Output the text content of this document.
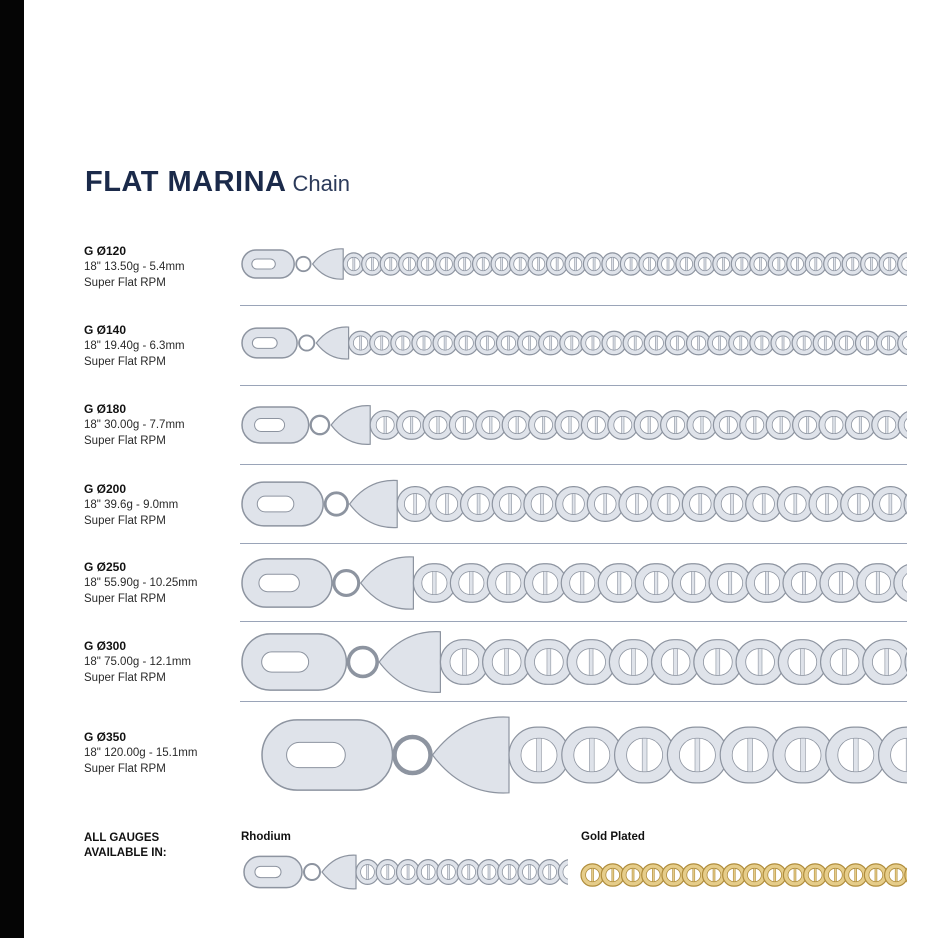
FLAT MARINA Chain
G Ø120
18" 13.50g - 5.4mm
Super Flat RPM
G Ø140
18" 19.40g - 6.3mm
Super Flat RPM
G Ø180
18" 30.00g - 7.7mm
Super Flat RPM
G Ø200
18" 39.6g - 9.0mm
Super Flat RPM
G Ø250
18" 55.90g - 10.25mm
Super Flat RPM
G Ø300
18" 75.00g - 12.1mm
Super Flat RPM
G Ø350
18" 120.00g - 15.1mm
Super Flat RPM
ALL GAUGES
AVAILABLE IN:
Rhodium	Gold Plated
